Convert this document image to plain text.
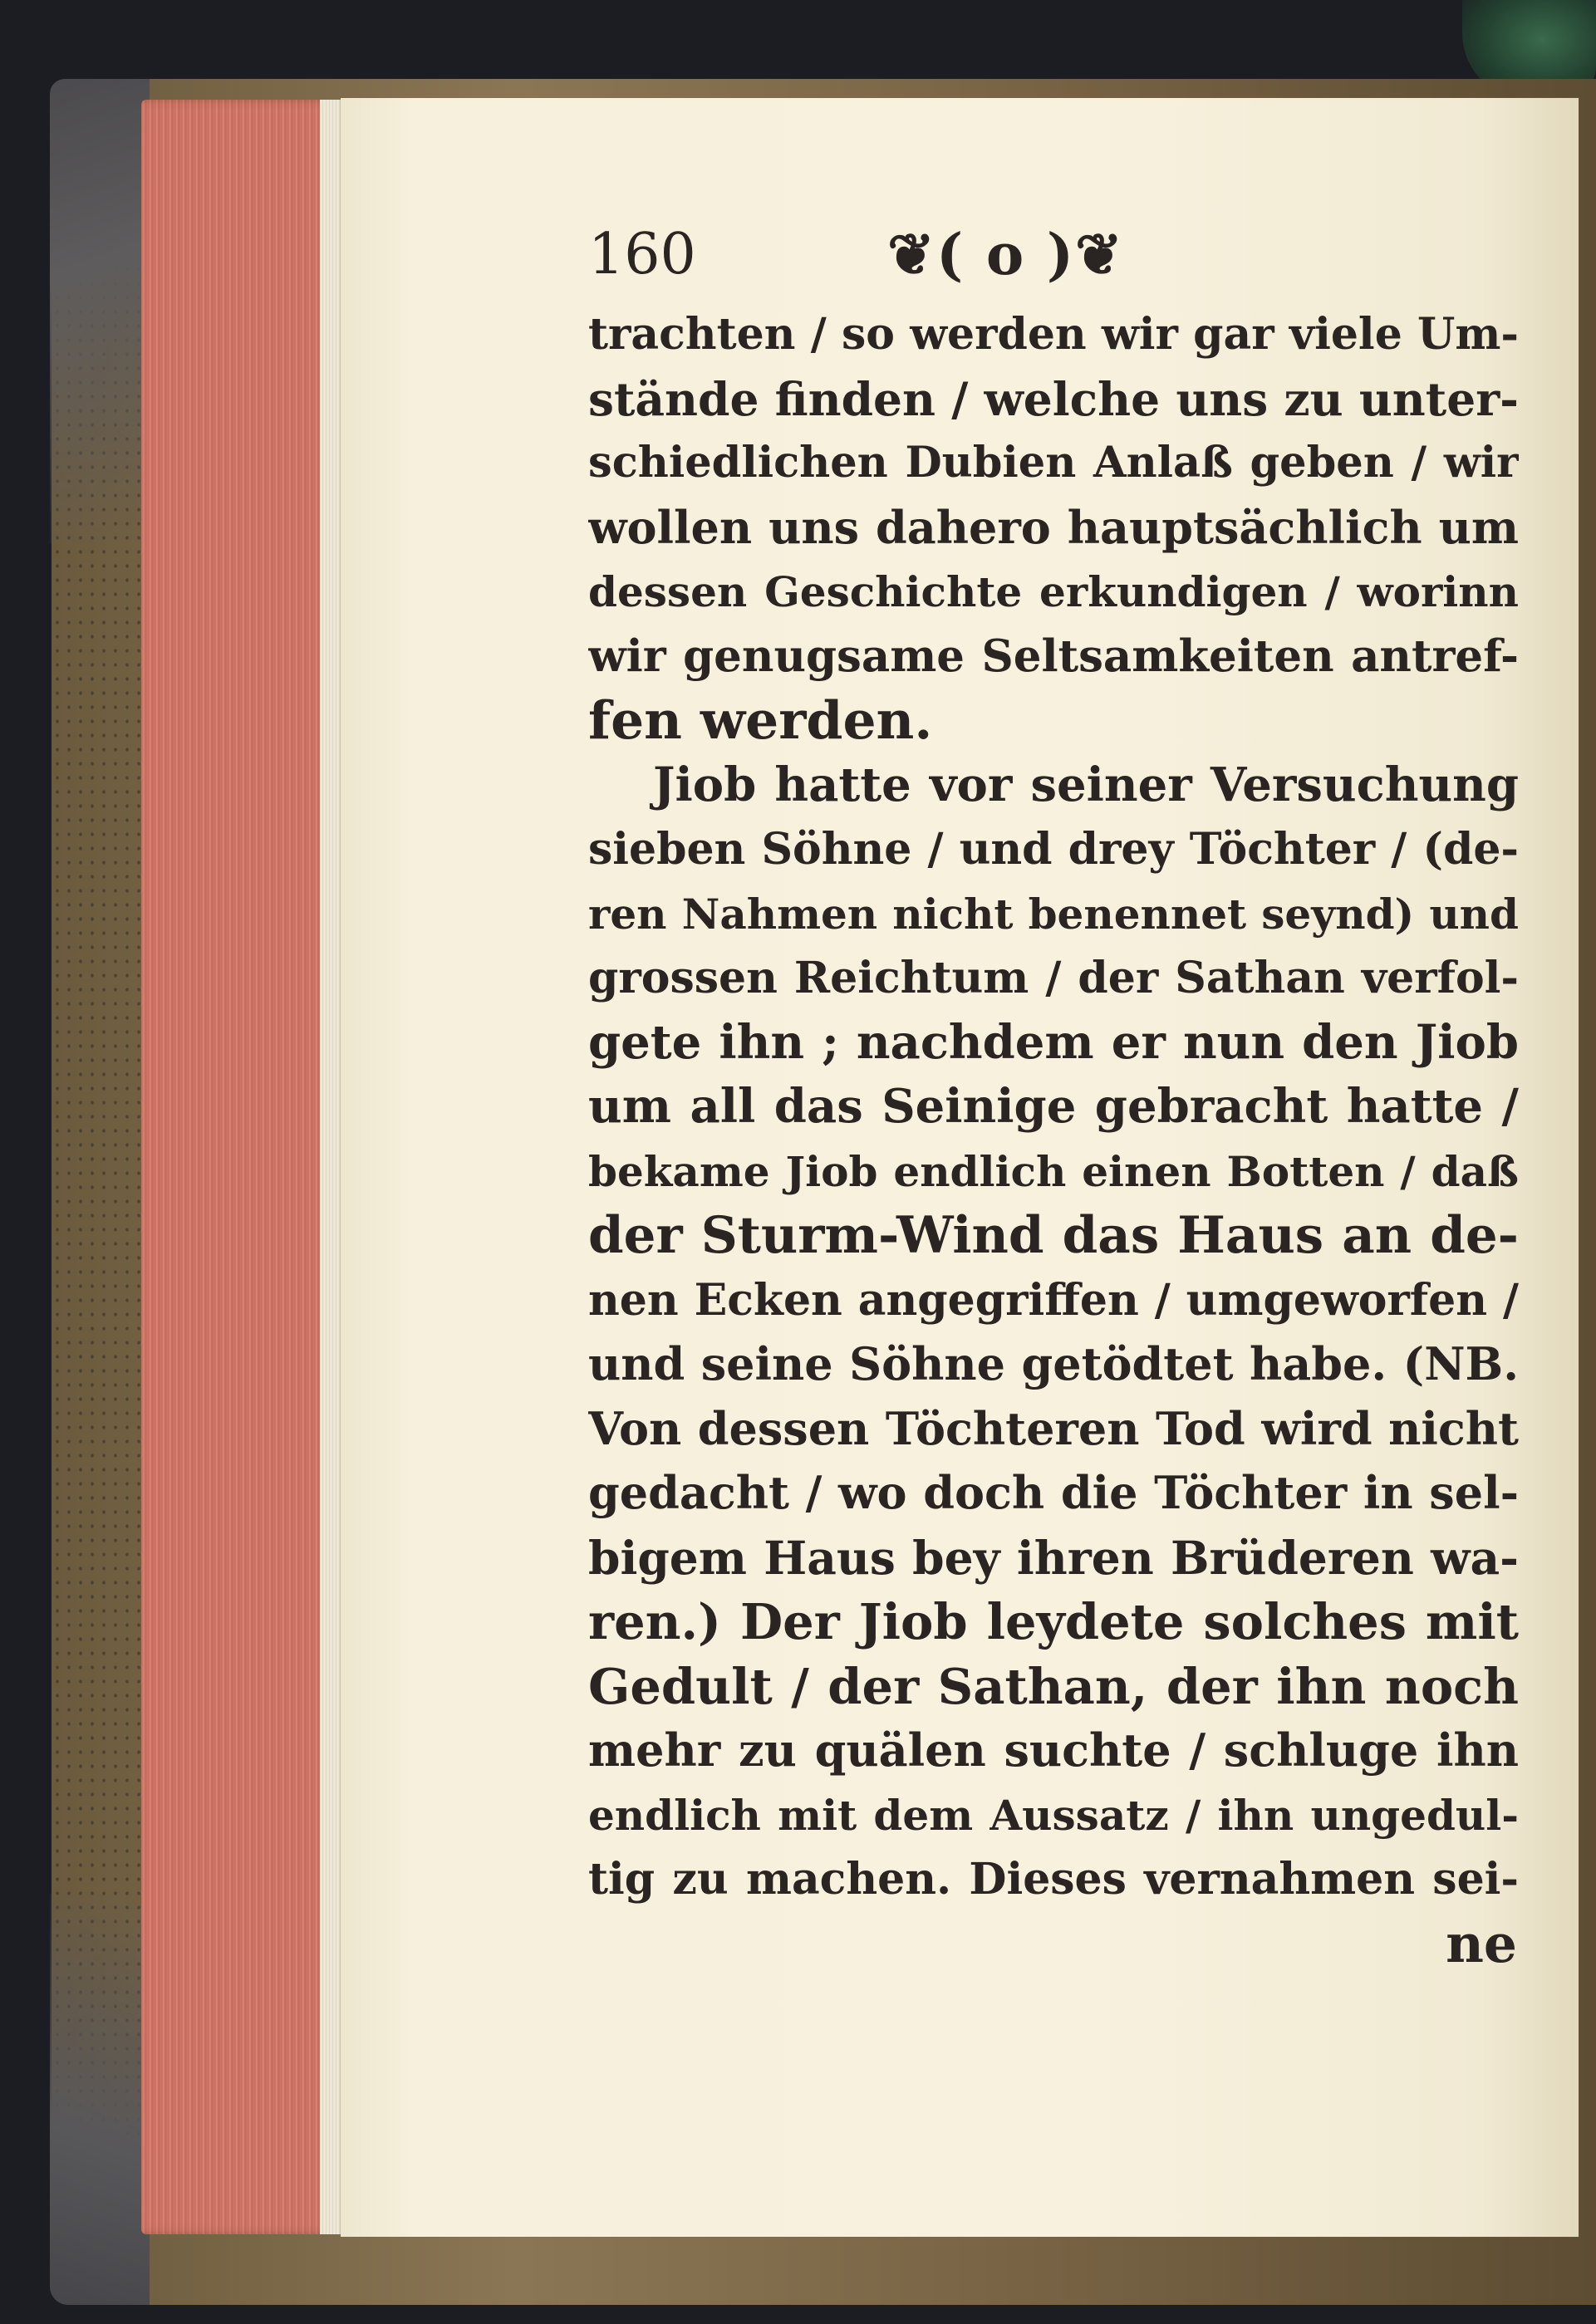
160	❦( o )❦
trachten / so werden wir gar viele Um-
stände finden / welche uns zu unter-
schiedlichen Dubien Anlaß geben / wir
wollen uns dahero hauptsächlich um
dessen Geschichte erkundigen / worinn
wir genugsame Seltsamkeiten antref-
fen werden.
Jiob hatte vor seiner Versuchung
sieben Söhne / und drey Töchter / (de-
ren Nahmen nicht benennet seynd) und
grossen Reichtum / der Sathan verfol-
gete ihn ; nachdem er nun den Jiob
um all das Seinige gebracht hatte /
bekame Jiob endlich einen Botten / daß
der Sturm-Wind das Haus an de-
nen Ecken angegriffen / umgeworfen /
und seine Söhne getödtet habe. (NB.
Von dessen Töchteren Tod wird nicht
gedacht / wo doch die Töchter in sel-
bigem Haus bey ihren Brüderen wa-
ren.) Der Jiob leydete solches mit
Gedult / der Sathan, der ihn noch
mehr zu quälen suchte / schluge ihn
endlich mit dem Aussatz / ihn ungedul-
tig zu machen. Dieses vernahmen sei-
ne
